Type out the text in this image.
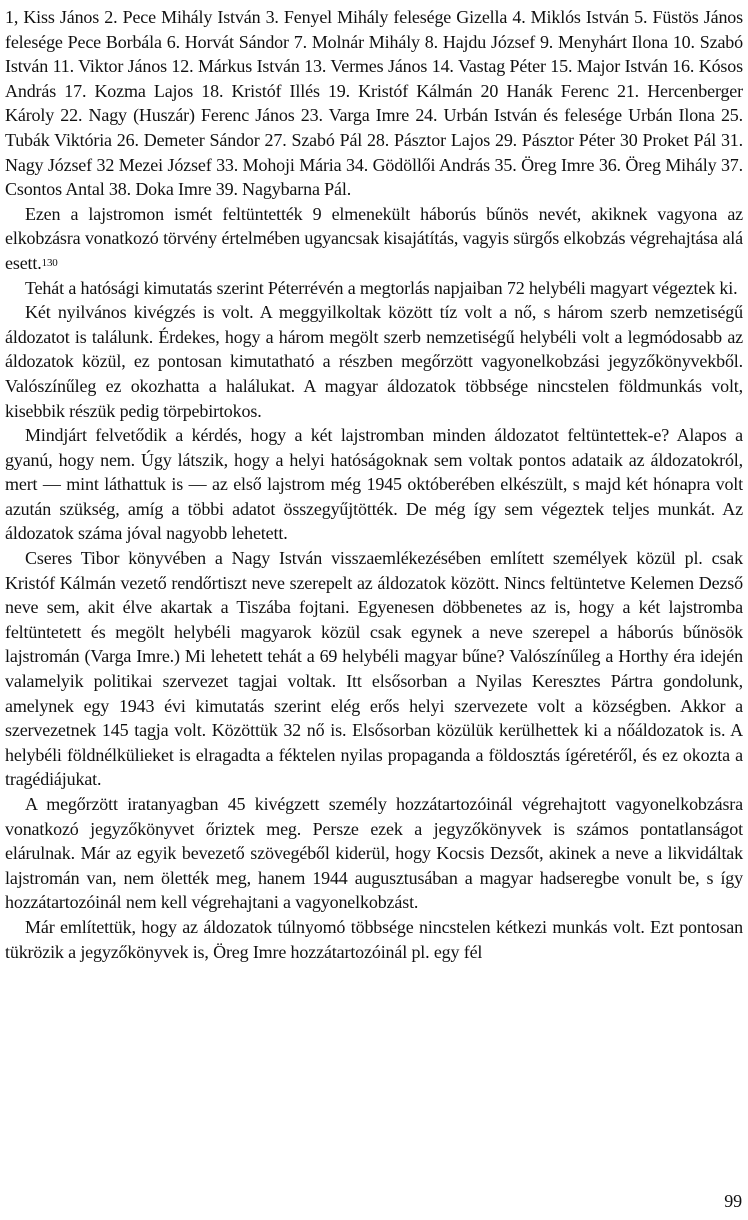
1, Kiss János 2. Pece Mihály István 3. Fenyel Mihály felesége Gizella 4. Miklós István 5. Füstös János felesége Pece Borbála 6. Horvát Sándor 7. Molnár Mihály 8. Hajdu József 9. Menyhárt Ilona 10. Szabó István 11. Viktor János 12. Márkus István 13. Vermes János 14. Vastag Péter 15. Major István 16. Kósos András 17. Kozma Lajos 18. Kristóf Illés 19. Kristóf Kálmán 20 Hanák Ferenc 21. Hercenberger Károly 22. Nagy (Huszár) Ferenc János 23. Varga Imre 24. Urbán István és felesége Urbán Ilona 25. Tubák Viktória 26. Demeter Sándor 27. Szabó Pál 28. Pásztor Lajos 29. Pásztor Péter 30 Proket Pál 31. Nagy József 32 Mezei József 33. Mohoji Mária 34. Gödöllői András 35. Öreg Imre 36. Öreg Mihály 37. Csontos Antal 38. Doka Imre 39. Nagybarna Pál.

Ezen a lajstromon ismét feltüntették 9 elmenekült háborús bűnös nevét, akiknek vagyona az elkobzásra vonatkozó törvény értelmében ugyancsak kisajátítás, vagyis sürgős elkobzás végrehajtása alá esett.$^{130}$

Tehát a hatósági kimutatás szerint Péterrévén a megtorlás napjaiban 72 helybéli magyart végeztek ki.

Két nyilvános kivégzés is volt. A meggyilkoltak között tíz volt a nő, s három szerb nemzetiségű áldozatot is találunk. Érdekes, hogy a három megölt szerb nemzetiségű helybéli volt a legmódosabb az áldozatok közül, ez pontosan kimutatható a részben megőrzött vagyonelkobzási jegyzőkönyvekből. Valószínűleg ez okozhatta a halálukat. A magyar áldozatok többsége nincstelen földmunkás volt, kisebbik részük pedig törpebirtokos.

Mindjárt felvetődik a kérdés, hogy a két lajstromban minden áldozatot feltüntettek-e? Alapos a gyanú, hogy nem. Úgy látszik, hogy a helyi hatóságoknak sem voltak pontos adataik az áldozatokról, mert — mint láthattuk is — az első lajstrom még 1945 októberében elkészült, s majd két hónapra volt azután szükség, amíg a többi adatot összegyűjtötték. De még így sem végeztek teljes munkát. Az áldozatok száma jóval nagyobb lehetett.

Cseres Tibor könyvében a Nagy István visszaemlékezésében említett személyek közül pl. csak Kristóf Kálmán vezető rendőrtiszt neve szerepelt az áldozatok között. Nincs feltüntetve Kelemen Dezső neve sem, akit élve akartak a Tiszába fojtani. Egyenesen döbbenetes az is, hogy a két lajstromba feltüntetett és megölt helybéli magyarok közül csak egynek a neve szerepel a háborús bűnösök lajstromán (Varga Imre.) Mi lehetett tehát a 69 helybéli magyar bűne? Valószínűleg a Horthy éra idején valamelyik politikai szervezet tagjai voltak. Itt elsősorban a Nyilas Keresztes Pártra gondolunk, amelynek egy 1943 évi kimutatás szerint elég erős helyi szervezete volt a községben. Akkor a szervezetnek 145 tagja volt. Közöttük 32 nő is. Elsősorban közülük kerülhettek ki a nőáldozatok is. A helybéli földnélkülieket is elragadta a féktelen nyilas propaganda a földosztás ígéretéről, és ez okozta a tragédiájukat.

A megőrzött iratanyagban 45 kivégzett személy hozzátartozóinál végrehajtott vagyonelkobzásra vonatkozó jegyzőkönyvet őriztek meg. Persze ezek a jegyzőkönyvek is számos pontatlanságot elárulnak. Már az egyik bevezető szövegéből kiderül, hogy Kocsis Dezsőt, akinek a neve a likvidáltak lajstromán van, nem ölették meg, hanem 1944 augusztusában a magyar hadseregbe vonult be, s így hozzátartozóinál nem kell végrehajtani a vagyonelkobzást.

Már említettük, hogy az áldozatok túlnyomó többsége nincstelen kétkezi munkás volt. Ezt pontosan tükrözik a jegyzőkönyvek is, Öreg Imre hozzátartozóinál pl. egy fél

99
